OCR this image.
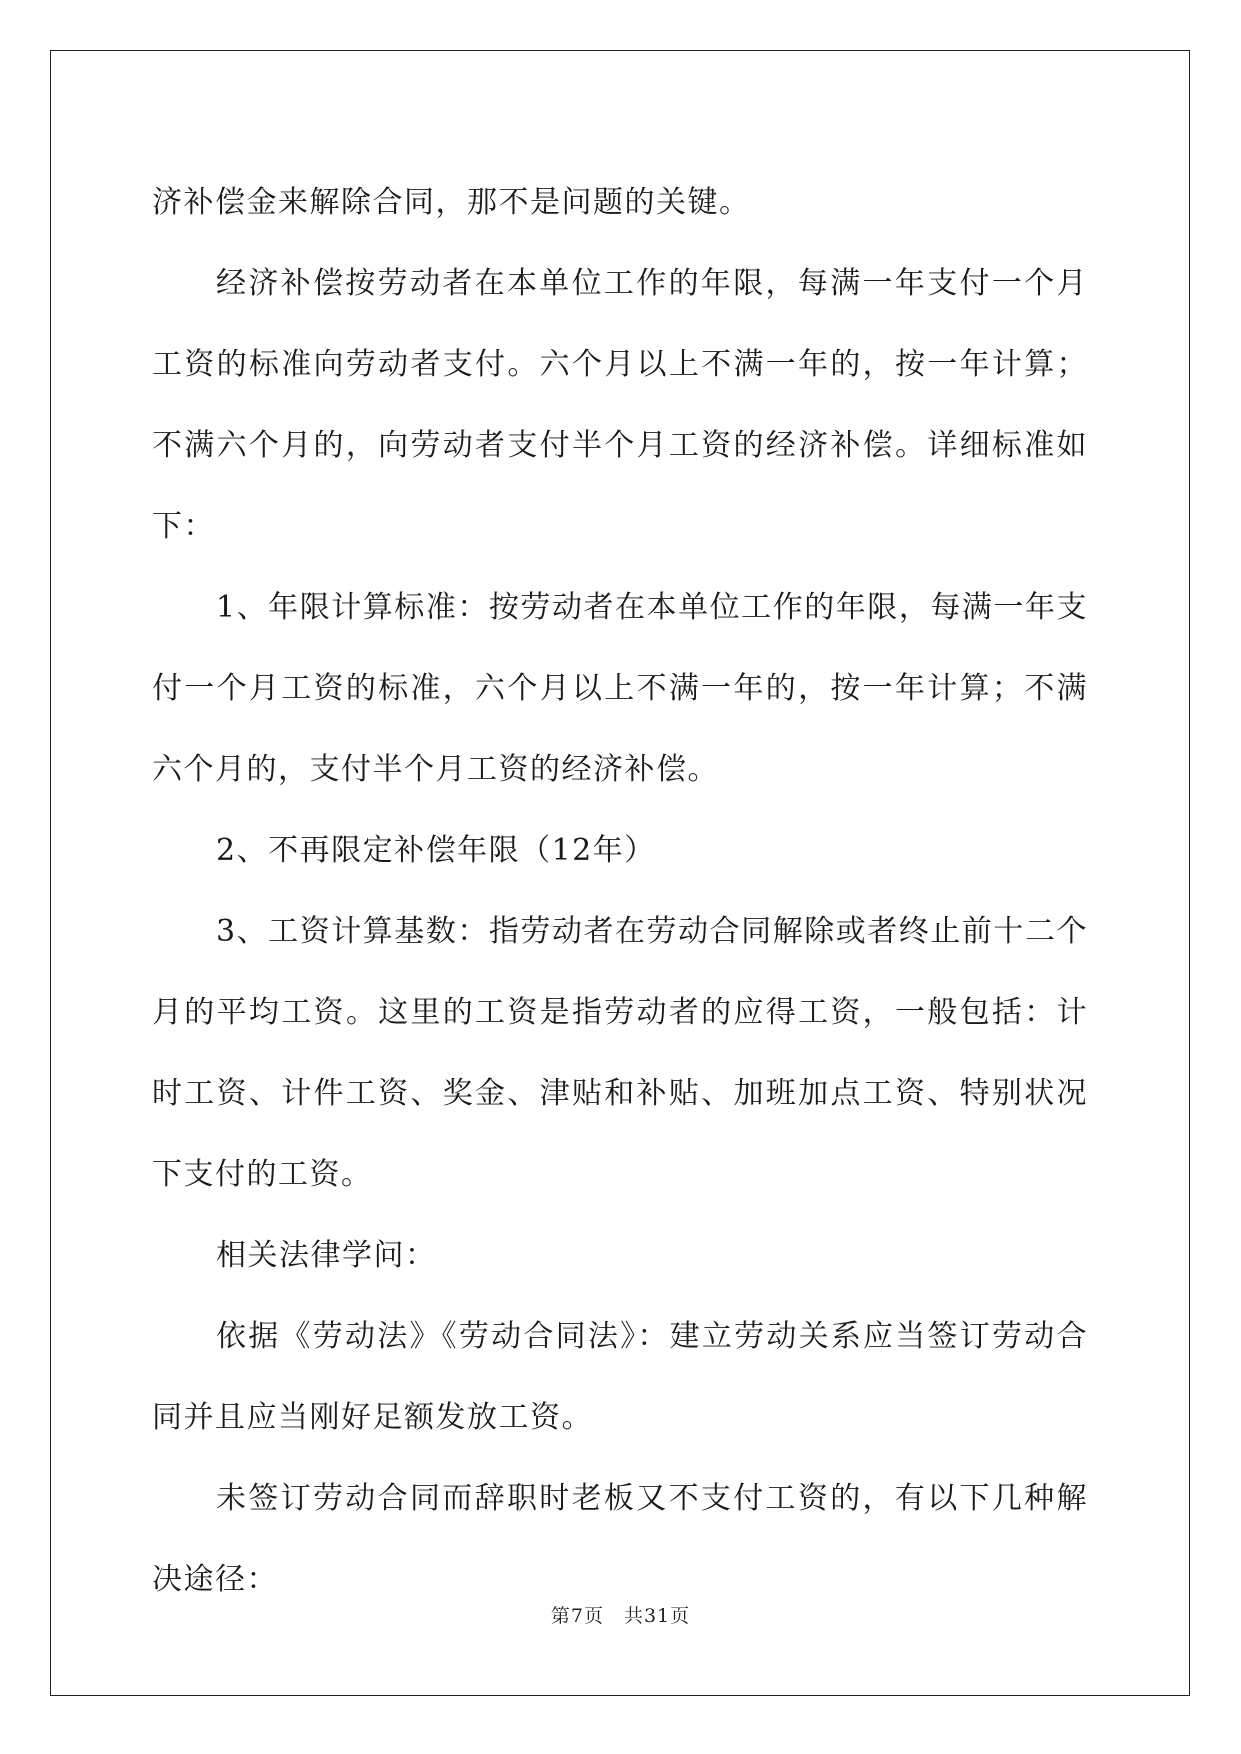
济补偿金来解除合同，那不是问题的关键。

经济补偿按劳动者在本单位工作的年限，每满一年支付一个月工资的标准向劳动者支付。六个月以上不满一年的，按一年计算；不满六个月的，向劳动者支付半个月工资的经济补偿。详细标准如下：

1、年限计算标准：按劳动者在本单位工作的年限，每满一年支付一个月工资的标准，六个月以上不满一年的，按一年计算；不满六个月的，支付半个月工资的经济补偿。

2、不再限定补偿年限（12年）

3、工资计算基数：指劳动者在劳动合同解除或者终止前十二个月的平均工资。这里的工资是指劳动者的应得工资，一般包括：计时工资、计件工资、奖金、津贴和补贴、加班加点工资、特别状况下支付的工资。

相关法律学问：

依据《劳动法》《劳动合同法》：建立劳动关系应当签订劳动合同并且应当刚好足额发放工资。

未签订劳动合同而辞职时老板又不支付工资的，有以下几种解决途径：

第7页 共31页
